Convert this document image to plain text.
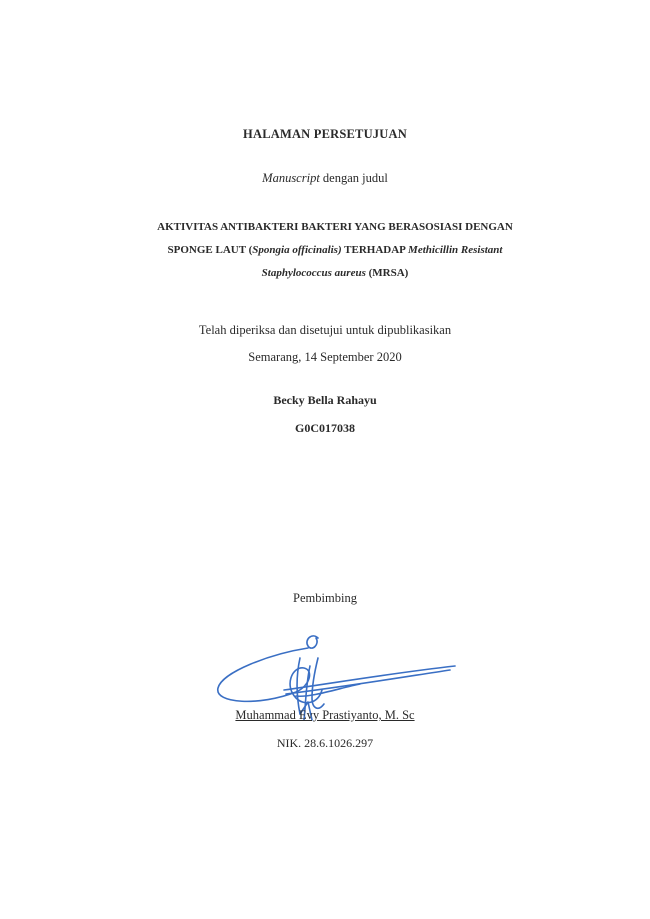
HALAMAN PERSETUJUAN
Manuscript dengan judul
AKTIVITAS ANTIBAKTERI BAKTERI YANG BERASOSIASI DENGAN
SPONGE LAUT (Spongia officinalis) TERHADAP Methicillin Resistant
Staphylococcus aureus (MRSA)
Telah diperiksa dan disetujui untuk dipublikasikan
Semarang, 14 September 2020
Becky Bella Rahayu
G0C017038
Pembimbing
Muhammad Evy Prastiyanto, M. Sc
NIK. 28.6.1026.297
